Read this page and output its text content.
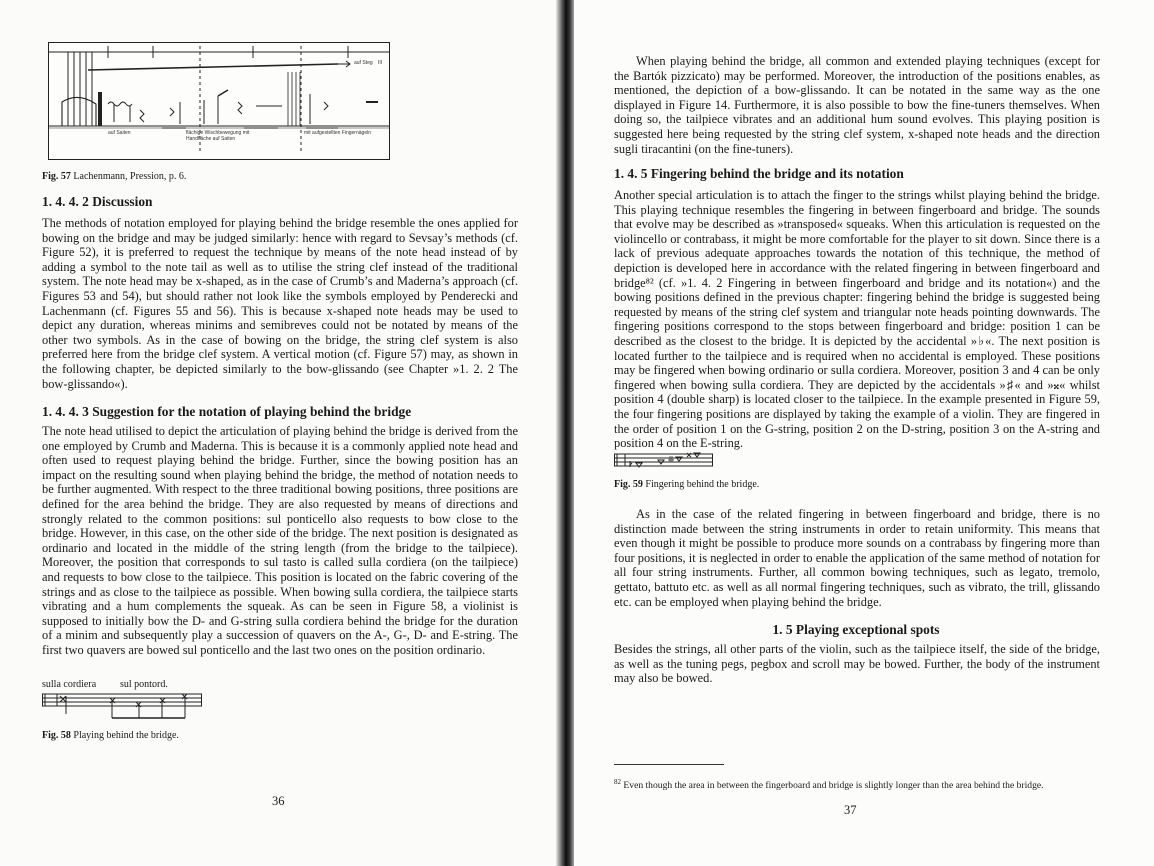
auf Saiten	flächige Wischbewegung mit Handfläche auf Saiten
mit aufgestellten Fingernägeln
auf Steg III

Fig. 57 Lachenmann, Pression, p. 6.

1. 4. 4. 2 Discussion

The methods of notation employed for playing behind the bridge resemble the ones applied for bowing on the bridge and may be judged similarly: hence with regard to Sevsay’s methods (cf. Figure 52), it is preferred to request the technique by means of the note head instead of by adding a symbol to the note tail as well as to utilise the string clef instead of the traditional system. The note head may be x-shaped, as in the case of Crumb’s and Maderna’s approach (cf. Figures 53 and 54), but should rather not look like the symbols employed by Penderecki and Lachenmann (cf. Figures 55 and 56). This is because x-shaped note heads may be used to depict any duration, whereas minims and semibreves could not be notated by means of the other two symbols. As in the case of bowing on the bridge, the string clef system is also preferred here from the bridge clef system. A vertical motion (cf. Figure 57) may, as shown in the following chapter, be depicted similarly to the bow-glissando (see Chapter »1. 2. 2 The bow-glissando«).

1. 4. 4. 3 Suggestion for the notation of playing behind the bridge

The note head utilised to depict the articulation of playing behind the bridge is derived from the one employed by Crumb and Maderna. This is because it is a commonly applied note head and often used to request playing behind the bridge. Further, since the bowing position has an impact on the resulting sound when playing behind the bridge, the method of notation needs to be further augmented. With respect to the three traditional bowing positions, three positions are defined for the area behind the bridge. They are also requested by means of directions and strongly related to the common positions: sul ponticello also requests to bow close to the bridge. However, in this case, on the other side of the bridge. The next position is designated as ordinario and located in the middle of the string length (from the bridge to the tailpiece). Moreover, the position that corresponds to sul tasto is called sulla cordiera (on the tailpiece) and requests to bow close to the tailpiece. This position is located on the fabric covering of the strings and as close to the tailpiece as possible. When bowing sulla cordiera, the tailpiece starts vibrating and a hum complements the squeak. As can be seen in Figure 58, a violinist is supposed to initially bow the D- and G-string sulla cordiera behind the bridge for the duration of a minim and subsequently play a succession of quavers on the A-, G-, D- and E-string. The first two quavers are bowed sul ponticello and the last two ones on the position ordinario.

sulla cordiera sul pont.
ord.

Fig. 58 Playing behind the bridge.

36

When playing behind the bridge, all common and extended playing techniques (except for the Bartók pizzicato) may be performed. Moreover, the introduction of the positions enables, as mentioned, the depiction of a bow-glissando. It can be notated in the same way as the one displayed in Figure 14. Furthermore, it is also possible to bow the fine-tuners themselves. When doing so, the tailpiece vibrates and an additional hum sound evolves. This playing position is suggested here being requested by the string clef system, x-shaped note heads and the direction sugli tiracantini (on the fine-tuners).

1. 4. 5 Fingering behind the bridge and its notation

Another special articulation is to attach the finger to the strings whilst playing behind the bridge. This playing technique resembles the fingering in between fingerboard and bridge. The sounds that evolve may be described as »transposed« squeaks. When this articulation is requested on the violincello or contrabass, it might be more comfortable for the player to sit down. Since there is a lack of previous adequate approaches towards the notation of this technique, the method of depiction is developed here in accordance with the related fingering in between fingerboard and bridge⁸² (cf. »1. 4. 2 Fingering in between fingerboard and bridge and its notation«) and the bowing positions defined in the previous chapter: fingering behind the bridge is suggested being requested by means of the string clef system and triangular note heads pointing downwards. The fingering positions correspond to the stops between fingerboard and bridge: position 1 can be described as the closest to the bridge. It is depicted by the accidental »♭«. The next position is located further to the tailpiece and is required when no accidental is employed. These positions may be fingered when bowing ordinario or sulla cordiera. Moreover, position 3 and 4 can be only fingered when bowing sulla cordiera. They are depicted by the accidentals »♯« and »𝄪« whilst position 4 (double sharp) is located closer to the tailpiece. In the example presented in Figure 59, the four fingering positions are displayed by taking the example of a violin. They are fingered in the order of position 1 on the G-string, position 2 on the D-string, position 3 on the A-string and position 4 on the E-string.

Fig. 59 Fingering behind the bridge.

As in the case of the related fingering in between fingerboard and bridge, there is no distinction made between the string instruments in order to retain uniformity. This means that even though it might be possible to produce more sounds on a contrabass by fingering more than four positions, it is neglected in order to enable the application of the same method of notation for all four string instruments. Further, all common bowing techniques, such as legato, tremolo, gettato, battuto etc. as well as all normal fingering techniques, such as vibrato, the trill, glissando etc. can be employed when playing behind the bridge.

1. 5 Playing exceptional spots

Besides the strings, all other parts of the violin, such as the tailpiece itself, the side of the bridge, as well as the tuning pegs, pegbox and scroll may be bowed. Further, the body of the instrument may also be bowed.

$^{82}$ Even though the area in between the fingerboard and bridge is slightly longer than the area behind the bridge.

37
